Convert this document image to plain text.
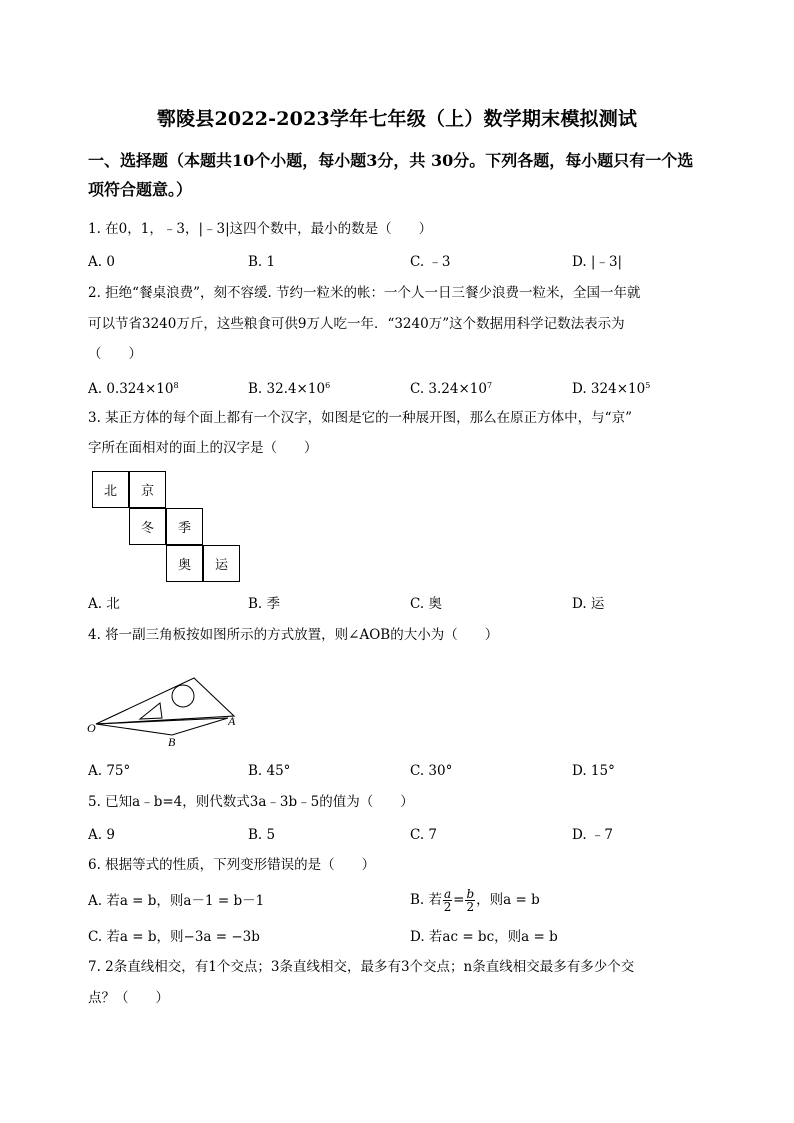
鄠陵县2022-2023学年七年级（上）数学期末模拟测试
一、选择题（本题共10个小题，每小题3分，共 30分。下列各题，每小题只有一个选
项符合题意。）
1. 在0，1，﹣3，|﹣3|这四个数中，最小的数是（　　）
A. 0	B. 1	C. ﹣3	D. |﹣3|
2. 拒绝“餐桌浪费”，刻不容缓. 节约一粒米的帐：一个人一日三餐少浪费一粒米，全国一年就
可以节省3240万斤，这些粮食可供9万人吃一年．“3240万”这个数据用科学记数法表示为
（　　）
A. $0.324\times 10^8$	B. $32.4\times 10^6$	C. $3.24\times 10^7$	D. $324\times 10^5$
3. 某正方体的每个面上都有一个汉字，如图是它的一种展开图，那么在原正方体中，与“京”
字所在面相对的面上的汉字是（　　）
北	京
冬	季
奥	运
A. 北	B. 季	C. 奥	D. 运
4. 将一副三角板按如图所示的方式放置，则∠AOB的大小为（　　）
O	A
B
A. 75°	B. 45°	C. 30°	D. 15°
5. 已知a﹣b=4，则代数式3a﹣3b﹣5的值为（　　）
A. 9	B. 5	C. 7	D. ﹣7
6. 根据等式的性质，下列变形错误的是（　　）
A. 若a = b，则a－1 = b－1	B. 若 $\frac{a}{2} = \frac{b}{2}$ ，则a = b
C. 若a = b，则−3a = −3b	D. 若ac = bc，则a = b
7. 2条直线相交，有1个交点；3条直线相交，最多有3个交点；n条直线相交最多有多少个交
点？（　　）
